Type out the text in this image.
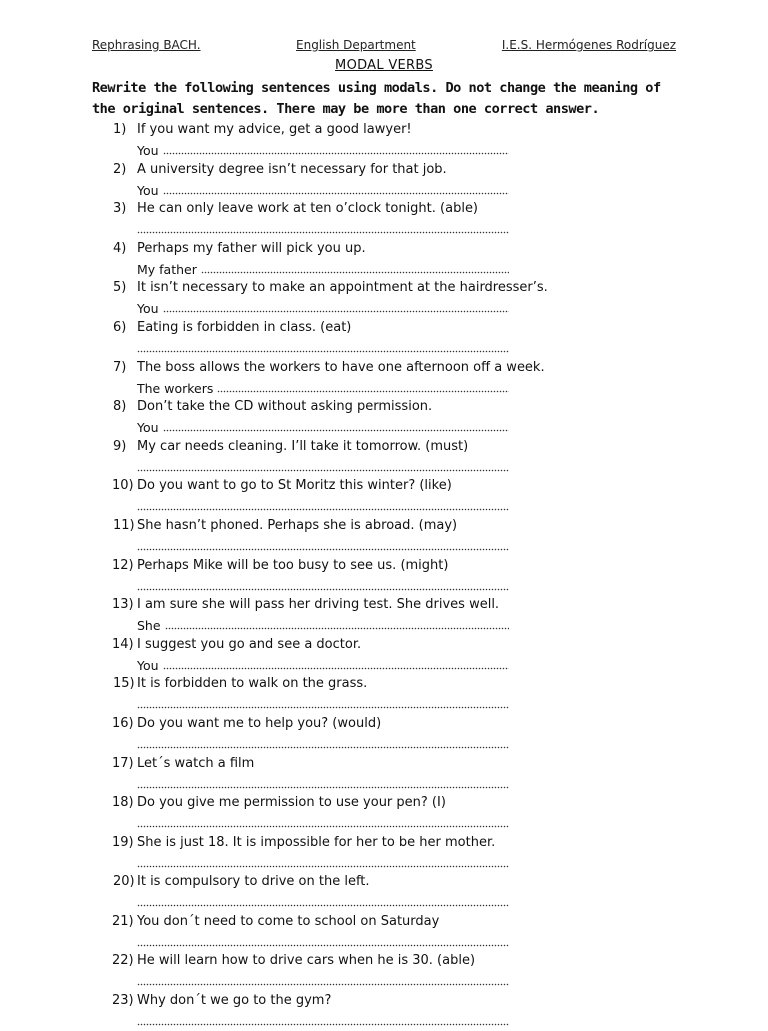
Rephrasing BACH.	English Department	I.E.S. Hermógenes Rodríguez
MODAL VERBS
Rewrite the following sentences using modals. Do not change the meaning of the original sentences. There may be more than one correct answer.
1) If you want my advice, get a good lawyer!
You
2) A university degree isn’t necessary for that job.
You
3) He can only leave work at ten o’clock tonight. (able)
4) Perhaps my father will pick you up.
My father
5) It isn’t necessary to make an appointment at the hairdresser’s.
You
6) Eating is forbidden in class. (eat)
7) The boss allows the workers to have one afternoon off a week.
The workers
8) Don’t take the CD without asking permission.
You
9) My car needs cleaning. I’ll take it tomorrow. (must)
10) Do you want to go to St Moritz this winter? (like)
11) She hasn’t phoned. Perhaps she is abroad. (may)
12) Perhaps Mike will be too busy to see us. (might)
13) I am sure she will pass her driving test. She drives well.
She
14) I suggest you go and see a doctor.
You
15) It is forbidden to walk on the grass.
16) Do you want me to help you? (would)
17) Let´s watch a film
18) Do you give me permission to use your pen? (I)
19) She is just 18. It is impossible for her to be her mother.
20) It is compulsory to drive on the left.
21) You don´t need to come to school on Saturday
22) He will learn how to drive cars when he is 30. (able)
23) Why don´t we go to the gym?
